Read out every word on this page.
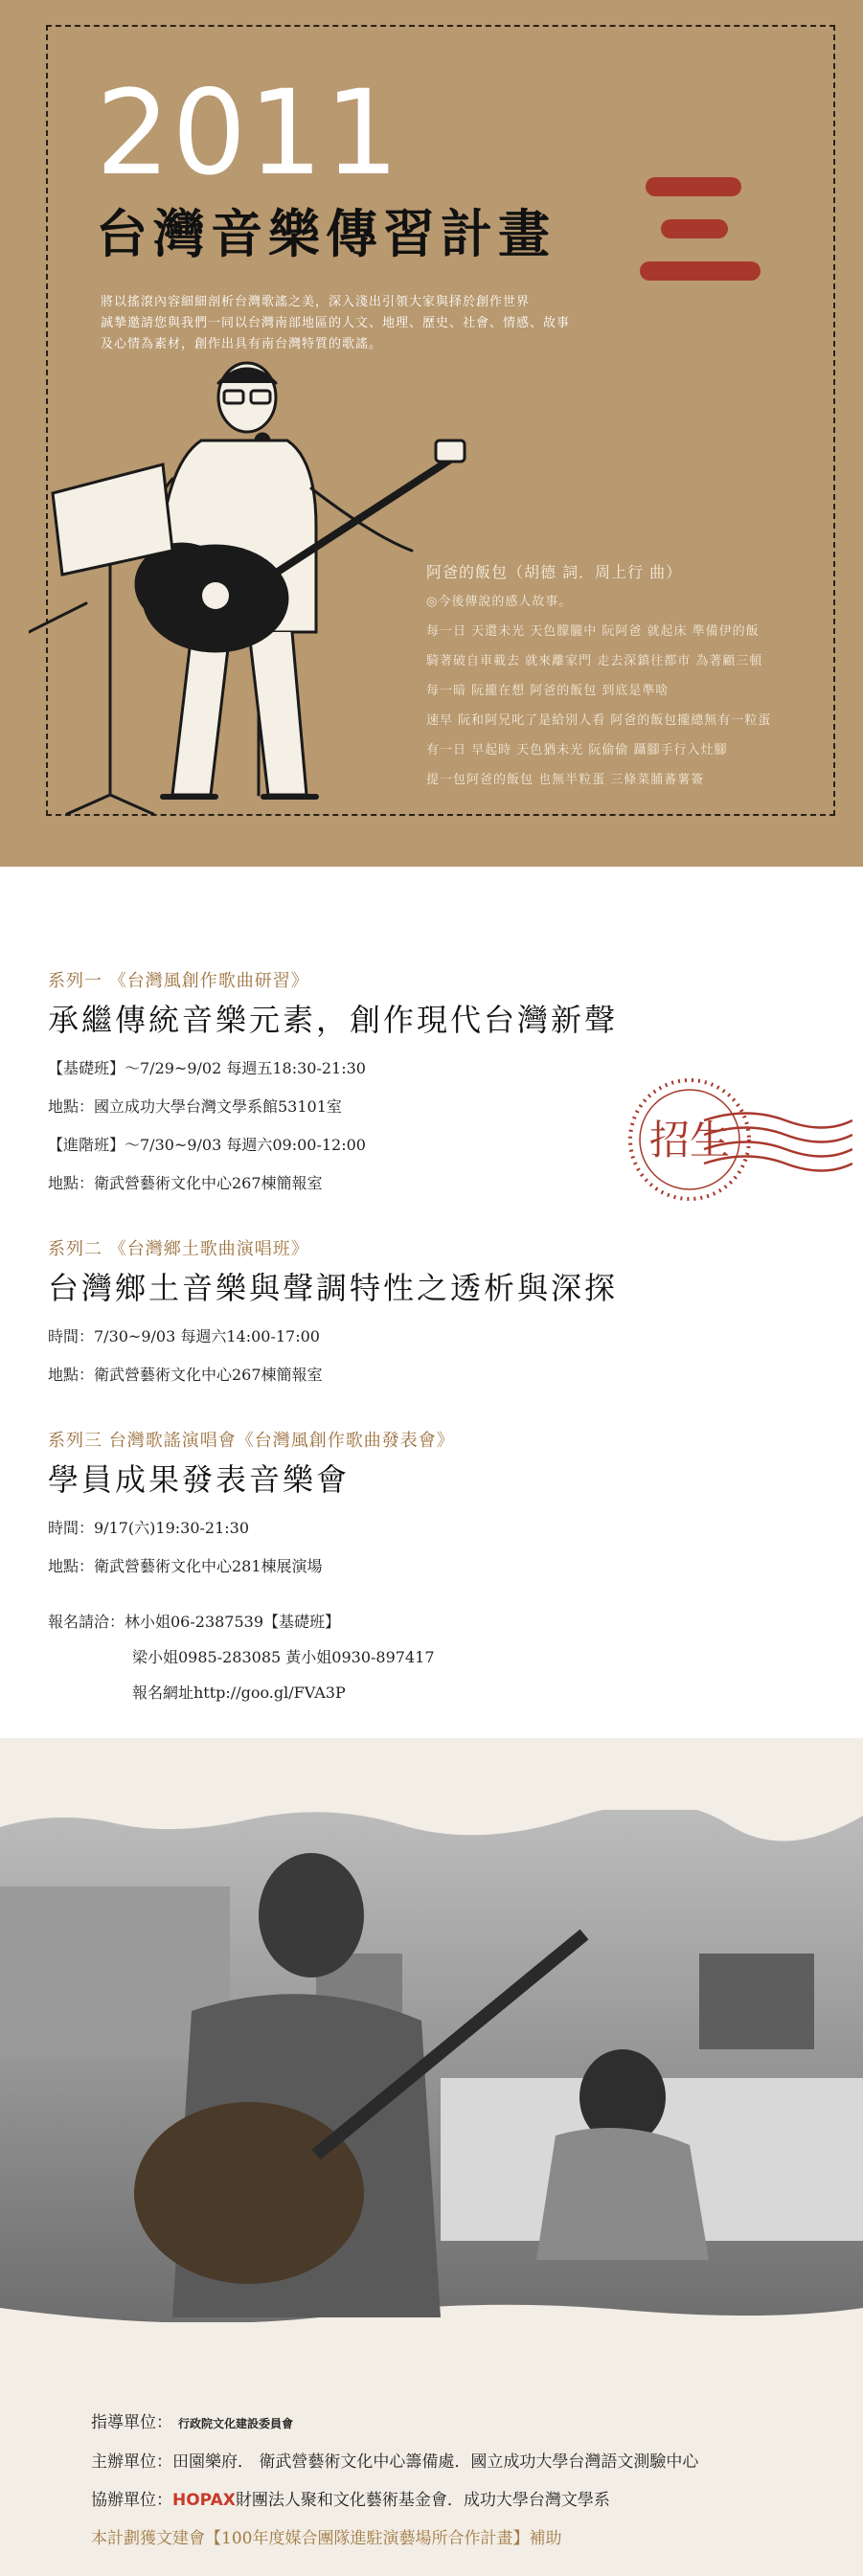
2011
台灣音樂傳習計畫

將以搖滾內容細細剖析台灣歌謠之美，深入淺出引領大家與择於創作世界

誠摯邀請您與我們一同以台灣南部地區的人文、地理、歷史、社會、情感、故事

及心情為素材，創作出具有南台灣特質的歌謠。

阿爸的飯包（胡德 詞．周上行 曲）

◎今後傳說的感人故事。

每一日 天還未光 天色朦朧中 阮阿爸 就起床 準備伊的飯

騎著破自車載去 就來離家門 走去深鎮往都市 為著顧三頓

每一暗 阮攏在想 阿爸的飯包 到底是準啥

速早 阮和阿兄叱了是給別人看 阿爸的飯包攏總無有一粒蛋

有一日 早起時 天色猶未光 阮偷偷 躡腳手行入灶腳

提一包阿爸的飯包 也無半粒蛋 三條菜脯蕃薯簽

系列一 《台灣風創作歌曲研習》

承繼傳統音樂元素，創作現代台灣新聲

【基礎班】～7/29~9/02 每週五18:30-21:30

地點：國立成功大學台灣文學系館53101室

【進階班】～7/30~9/03 每週六09:00-12:00

地點：衛武營藝術文化中心267棟簡報室

招生

系列二 《台灣鄉土歌曲演唱班》

台灣鄉土音樂與聲調特性之透析與深探

時間：7/30~9/03 每週六14:00-17:00

地點：衛武營藝術文化中心267棟簡報室

系列三 台灣歌謠演唱會《台灣風創作歌曲發表會》

學員成果發表音樂會

時間：9/17(六)19:30-21:30

地點：衛武營藝術文化中心281棟展演場

報名請洽：林小姐06-2387539【基礎班】

梁小姐0985-283085 黃小姐0930-897417

報名網址http://goo.gl/FVA3P

指導單位： 行政院文化建設委員會

主辦單位：田園樂府． 衛武營藝術文化中心籌備處．國立成功大學台灣語文測驗中心

協辦單位：HOPAX財團法人聚和文化藝術基金會．成功大學台灣文學系

本計劃獲文建會【100年度媒合團隊進駐演藝場所合作計畫】補助
